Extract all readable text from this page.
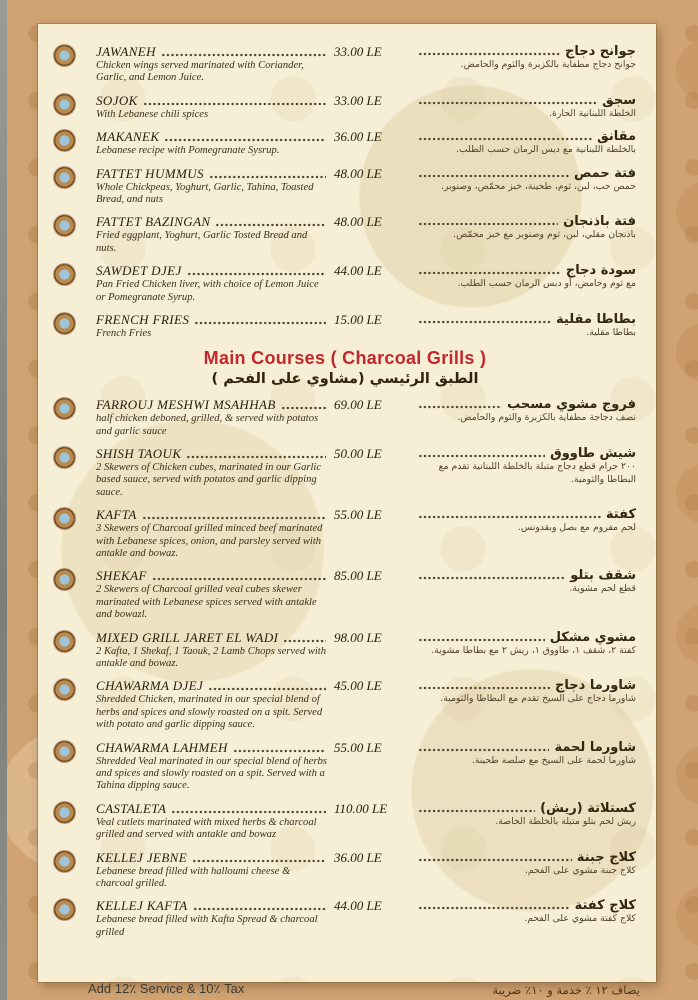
JAWANEH
Chicken wings served marinated with Coriander, Garlic, and Lemon Juice.
33.00 LE	جوانح دجاج
جوانح دجاج مطفاية بالكزبرة والثوم والحامض.
SOJOK
With Lebanese chili spices
33.00 LE	سجق
الخلطة اللبنانية الحارة.
MAKANEK
Lebanese recipe with Pomegranate Sysrup.
36.00 LE	مقانق
بالخلطة اللبنانية مع دبس الرمان حسب الطلب.
FATTET HUMMUS
Whole Chickpeas, Yoghurt, Garlic, Tahina, Toasted Bread, and nuts
48.00 LE	فتة حمص
حمص حب، لبن، ثوم، طحينة، خبز محمّص، وصنوبر.
FATTET BAZINGAN
Fried eggplant, Yoghurt, Garlic Tosted Bread and nuts.
48.00 LE	فتة باذنجان
باذنجان مقلي، لبن، ثوم وصنوبر مع خبز محمّص.
SAWDET DJEJ
Pan Fried Chicken liver, with choice of Lemon Juice or Pomegranate Syrup.
44.00 LE	سودة دجاج
مع ثوم وحامض، أو دبس الرمان حسب الطلب.
FRENCH FRIES
French Fries
15.00 LE	بطاطا مقلية
بطاطا مقلية.
Main Courses ( Charcoal Grills )
الطبق الرئيسي (مشاوي على الفحم )
FARROUJ MESHWI MSAHHAB
half chicken deboned, grilled, & served with potatos and garlic sauce
69.00 LE	فروج مشوي مسحب
نصف دجاجة مطفاية بالكزبرة والثوم والحامض.
SHISH TAOUK
2 Skewers of Chicken cubes, marinated in our Garlic based sauce, served with potatos and garlic dipping sauce.
50.00 LE	شيش طاووق
٢٠٠ جرام قطع دجاج متبلة بالخلطة اللبنانية تقدم مع البطاطا والثومية.
KAFTA
3 Skewers of Charcoal grilled minced beef marinated with Lebanese spices, onion, and parsley served with antakle and bowaz.
55.00 LE	كفتة
لحم مفروم مع بصل وبقدونس.
SHEKAF
2 Skewers of Charcoal grilled veal cubes skewer marinated with Lebanese spices served with antakle and bowazl.
85.00 LE	شقف بتلو
قطع لحم مشوية.
MIXED GRILL JARET EL WADI
2 Kafta, 1 Shekaf, 1 Taouk, 2 Lamb Chops served with antakle and bowaz.
98.00 LE	مشوي مشكل
كفتة ٢، شقف ١، طاووق ١، ريش ٢ مع بطاطا مشوية.
CHAWARMA DJEJ
Shredded Chicken, marinated in our special blend of herbs and spices and slowly roasted on a spit. Served with potato and garlic dipping sauce.
45.00 LE	شاورما دجاج
شاورما دجاج على السيخ تقدم مع البطاطا والثومية.
CHAWARMA LAHMEH
Shredded Veal marinated in our special blend of herbs and spices and slowly roasted on a spit. Served with a Tahina dipping sauce.
55.00 LE	شاورما لحمة
شاورما لحمة على السيخ مع صلصة طحينة.
CASTALETA
Veal cutlets marinated with mixed herbs & charcoal grilled and served with antakle and bowaz
110.00 LE	كستلاتة (ريش)
ريش لحم بتلو متبلة بالخلطة الخاصة.
KELLEJ JEBNE
Lebanese bread filled with halloumi cheese & charcoal grilled.
36.00 LE	كلاج جبنة
كلاج جبنة مشوي على الفحم.
KELLEJ KAFTA
Lebanese bread filled with Kafta Spread & charcoal grilled
44.00 LE	كلاج كفتة
كلاج كفتة مشوي على الفحم.
Add 12٪ Service & 10٪ Tax	يضاف ١٢ ٪ خدمة و ١٠٪ ضريبة
